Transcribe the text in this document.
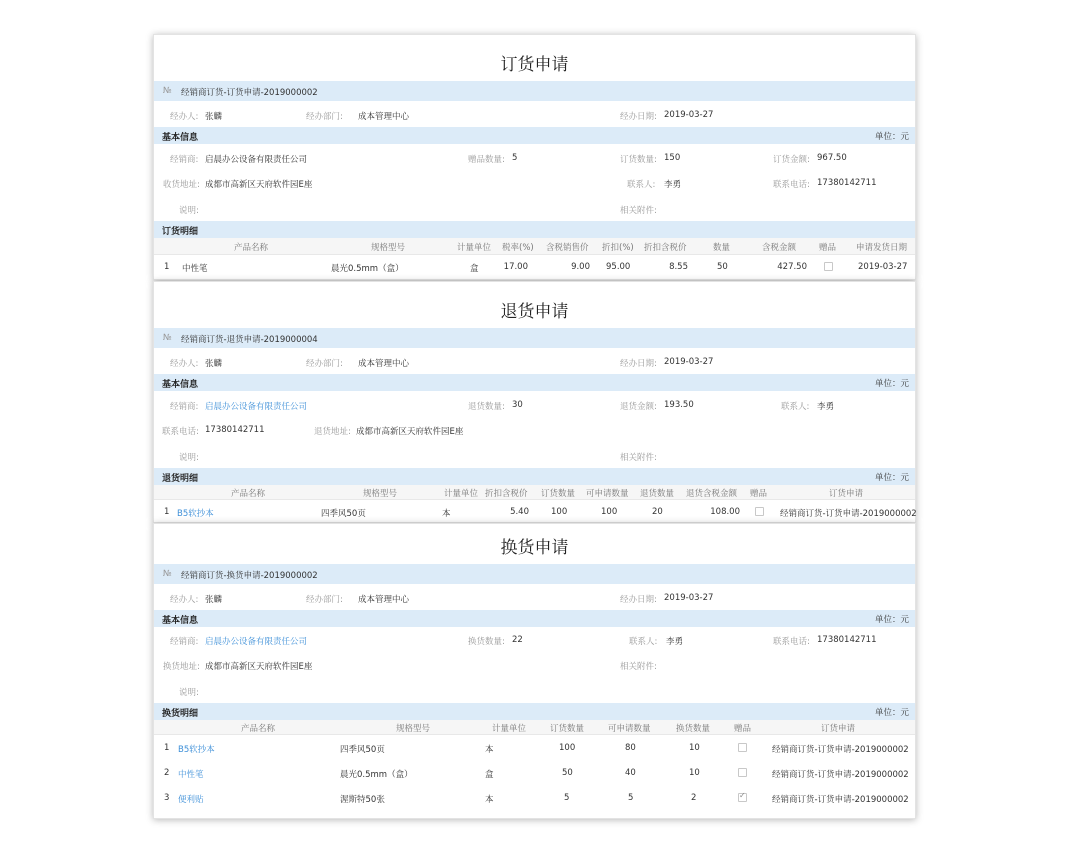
订货申请
№ 经销商订货-订货申请-2019000002
经办人: 张麟	经办部门: 成本管理中心	经办日期: 2019-03-27
基本信息	单位：元
经销商: 启晨办公设备有限责任公司	赠品数量: 5	订货数量: 150	订货金额: 967.50
收货地址: 成都市高新区天府软件园E座	联系人: 李勇	联系电话: 17380142711
说明:	相关附件:
订货明细
产品名称	规格型号	计量单位 税率(%) 含税销售价 折扣(%) 折扣含税价	数量	含税金额	赠品 申请发货日期
1 中性笔	晨光0.5mm（盒）	盒	17.00	9.00 95.00	8.55	50	427.50	2019-03-27
退货申请
№ 经销商订货-退货申请-2019000004
经办人: 张麟	经办部门: 成本管理中心	经办日期: 2019-03-27
基本信息	单位：元
经销商: 启晨办公设备有限责任公司	退货数量: 30	退货金额: 193.50	联系人: 李勇
联系电话: 17380142711	退货地址: 成都市高新区天府软件园E座
说明:	相关附件:
退货明细	单位：元
产品名称	规格型号	计量单位 折扣含税价 订货数量 可申请数量 退货数量 退货含税金额 赠品	订货申请
1 B5软抄本	四季风50页	本	5.40	100	100	20	108.00	经销商订货-订货申请-2019000002
换货申请
№ 经销商订货-换货申请-2019000002
经办人: 张麟	经办部门: 成本管理中心	经办日期: 2019-03-27
基本信息	单位：元
经销商: 启晨办公设备有限责任公司	换货数量: 22	联系人: 李勇	联系电话: 17380142711
换货地址: 成都市高新区天府软件园E座	相关附件:
说明:
换货明细	单位：元
产品名称	规格型号	计量单位	订货数量	可申请数量	换货数量	赠品	订货申请
1 B5软抄本	四季风50页	本	100	80	10	经销商订货-订货申请-2019000002
2 中性笔	晨光0.5mm（盒）	盒	50	40	10	经销商订货-订货申请-2019000002
3 便利贴	渥斯特50张	本	5	5	2
✓	经销商订货-订货申请-2019000002
